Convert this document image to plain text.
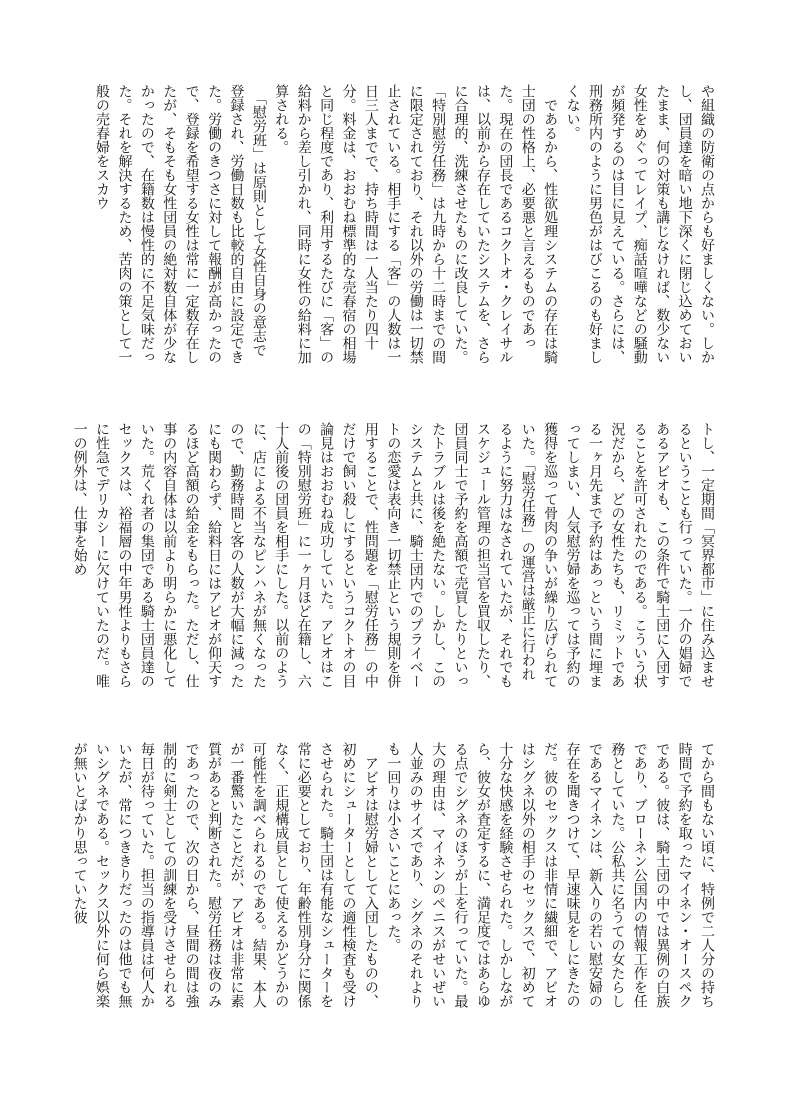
や組織の防衛の点からも好ましくない。しかし、団員達を暗い地下深くに閉じ込めておいたまま、何の対策も講じなければ、数少ない女性をめぐってレイプ、痴話喧嘩などの騒動が頻発するのは目に見えている。さらには、刑務所内のように男色がはびこるのも好ましくない。

　であるから、性欲処理システムの存在は騎士団の性格上、必要悪と言えるものであった。現在の団長であるコクトオ・クレイサルは、以前から存在していたシステムを、さらに合理的、洗練させたものに改良していた。「特別慰労任務」は九時から十二時までの間に限定されており、それ以外の労働は一切禁止されている。相手にする「客」の人数は一日三人までで、持ち時間は一人当たり四十分。料金は、おおむね標準的な売春宿の相場と同じ程度であり、利用するたびに「客」の給料から差し引かれ、同時に女性の給料に加算される。

　「慰労班」は原則として女性自身の意志で登録され、労働日数も比較的自由に設定できた。労働のきつさに対して報酬が高かったので、登録を希望する女性は常に一定数存在したが、そもそも女性団員の絶対数自体が少なかったので、在籍数は慢性的に不足気味だった。それを解決するため、苦肉の策として一般の売春婦をスカウ

トし、一定期間「冥界都市」に住み込ませるということも行っていた。一介の娼婦であるアビオも、この条件で騎士団に入団することを許可されたのである。こういう状況だから、どの女性たちも、リミットである一ヶ月先まで予約はあっという間に埋まってしまい、人気慰労婦を巡っては予約の獲得を巡って骨肉の争いが繰り広げられていた。「慰労任務」の運営は厳正に行われるように努力はなされていたが、それでもスケジュール管理の担当官を買収したり、団員同士で予約を高額で売買したりといったトラブルは後を絶たない。しかし、このシステムと共に、騎士団内でのプライベートの恋愛は表向き一切禁止という規則を併用することで、性問題を「慰労任務」の中だけで飼い殺しにするというコクトオの目論見はおおむね成功していた。アビオはこの「特別慰労班」に一ヶ月ほど在籍し、六十人前後の団員を相手にした。以前のように、店による不当なピンハネが無くなったので、勤務時間と客の人数が大幅に減ったにも関わらず、給料日にはアビオが仰天するほど高額の給金をもらった。ただし、仕事の内容自体は以前より明らかに悪化していた。荒くれ者の集団である騎士団員達のセックスは、裕福層の中年男性よりもさらに性急でデリカシーに欠けていたのだ。唯一の例外は、仕事を始め

てから間もない頃に、特例で二人分の持ち時間で予約を取ったマイネン・オースペクである。彼は、騎士団の中では異例の白族であり、ブローネン公国内の情報工作を任務としていた。公私共に名うての女たらしであるマイネンは、新入りの若い慰安婦の存在を聞きつけて、早速味見をしにきたのだ。彼のセックスは非情に繊細で、アビオはシグネ以外の相手のセックスで、初めて十分な快感を経験させられた。しかしながら、彼女が査定するに、満足度ではあらゆる点でシグネのほうが上を行っていた。最大の理由は、マイネンのペニスがせいぜい人並みのサイズであり、シグネのそれよりも一回りは小さいことにあった。

　アビオは慰労婦として入団したものの、初めにシューターとしての適性検査も受けさせられた。騎士団は有能なシューターを常に必要としており、年齢性別身分に関係なく、正規構成員として使えるかどうかの可能性を調べられるのである。結果、本人が一番驚いたことだが、アビオは非常に素質があると判断された。慰労任務は夜のみであったので、次の日から、昼間の間は強制的に剣士としての訓練を受けさせられる毎日が待っていた。担当の指導員は何人かいたが、常につききりだったのは他でも無いシグネである。セックス以外に何ら娯楽が無いとばかり思っていた彼
